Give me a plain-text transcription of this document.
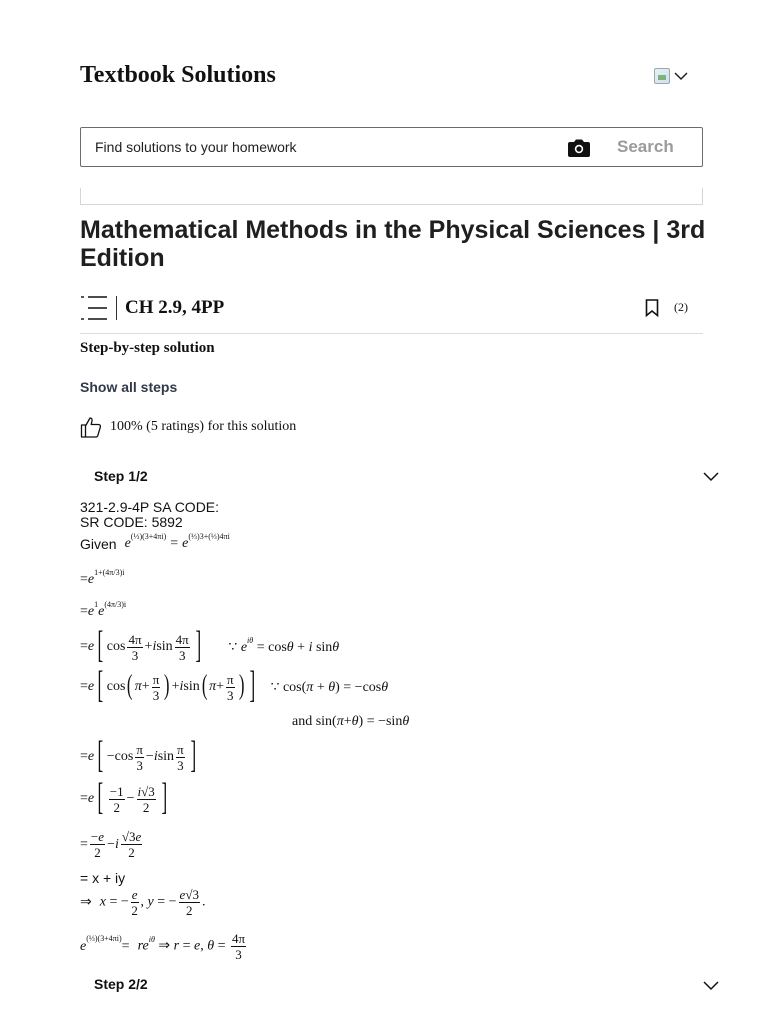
Textbook Solutions
Find solutions to your homework
Search
Mathematical Methods in the Physical Sciences | 3rd Edition
CH 2.9, 4PP	(2)
Step-by-step solution
Show all steps
100% (5 ratings) for this solution
Step 1/2
321-2.9-4P SA CODE:
SR CODE: 5892
Given $e^{(\frac{1}{3})(3+4\pi i)} = e^{(\frac{1}{3})3+(\frac{1}{3})4\pi i}$
= e 1+(4π/3)i
= e 1 e (4π/3)i
= e [ $\cos \frac{4\pi}{3} + i$ $\sin \frac{4\pi}{3}$ ] ∵ $e^{i\theta} = \cos\theta + i$ sinθ
= e [ cos ( $\pi + \frac{\pi}{3}$ ) + i sin ( $\pi + \frac{\pi}{3}$ ) ] ∵ cos(π + θ) = −cosθ
and sin( π + θ ) = −sin θ
= e [ $-\cos \frac{\pi}{3} - i$ $\sin \frac{\pi}{3}$ ]
= e [ $\frac{-1}{2} - \frac{i√3}{2}$ ]
= $\frac{-e}{2} - i \frac{√3e}{2}$
= x + iy
⇒ x = − $\frac{e}{2}$ , y = − $\frac{e√3}{2}$ .
e (⅓)(3+4πi) = $re^{i\theta}$ ⇒ r = e, $\theta = \frac{4\pi}{3}$
Step 2/2
